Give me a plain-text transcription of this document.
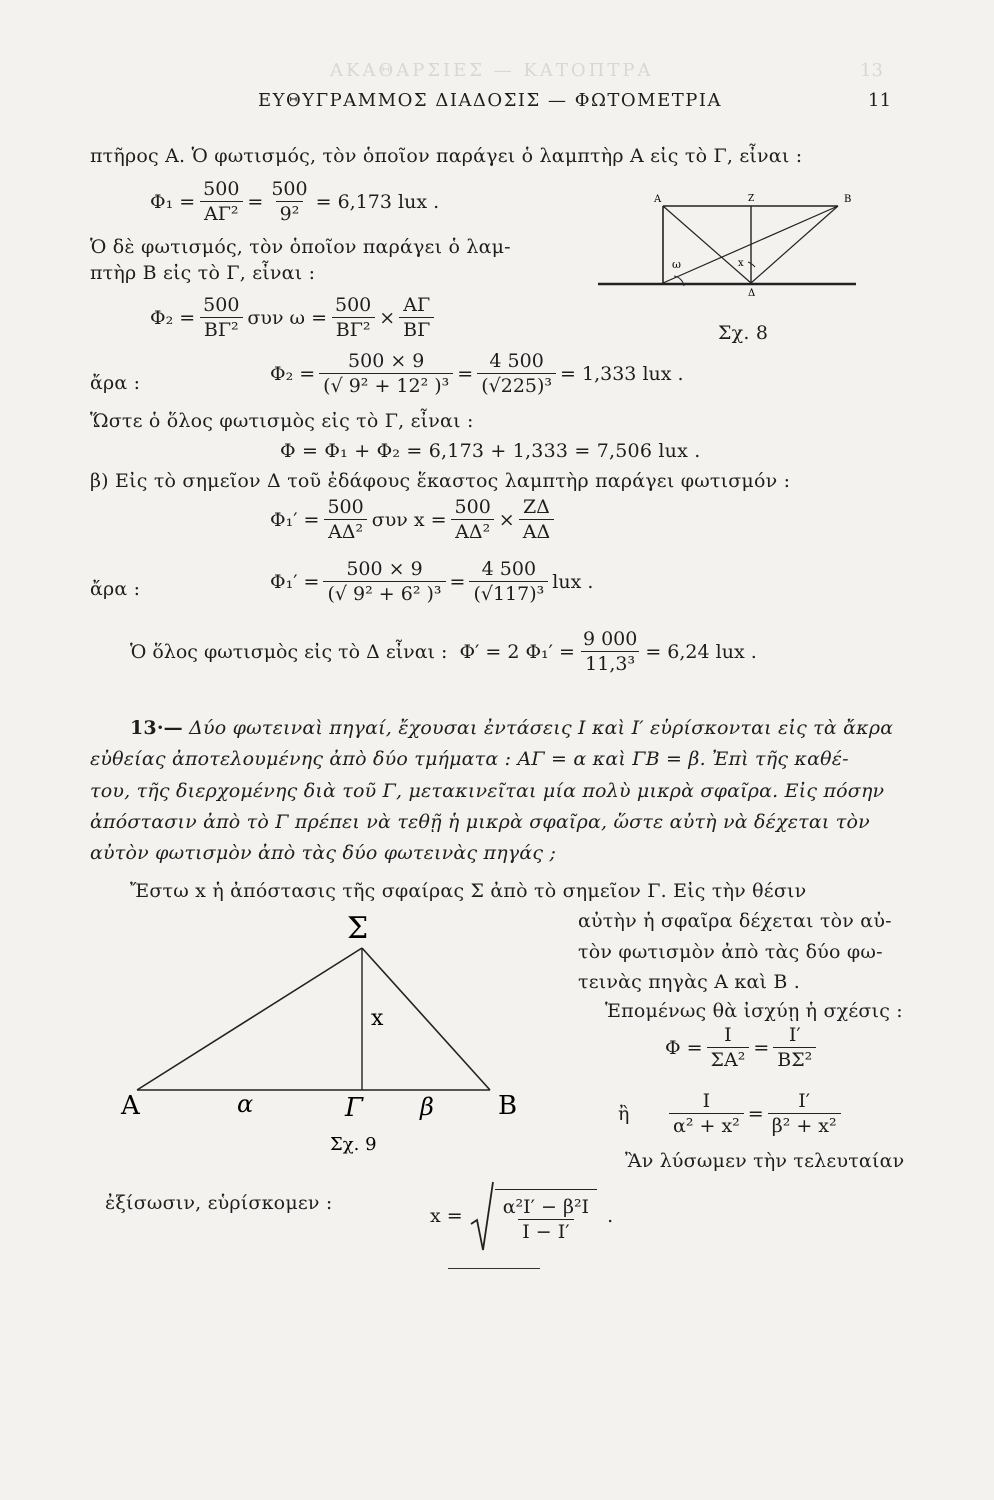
ΑΚΑΘΑΡΣΙΕΣ — ΚΑΤΟΠΤΡΑ	13
ΕΥΘΥΓΡΑΜΜΟΣ ΔΙΑΔΟΣΙΣ — ΦΩΤΟΜΕΤΡΙΑ	11
πτῆρος Α. Ὁ φωτισμός, τὸν ὁποῖον παράγει ὁ λαμπτὴρ Α εἰς τὸ Γ, εἶναι :
$\Phi_1 = \frac{500}{\text{ΑΓ²}} = \frac{500}{\text{9²}} = 6,173$ lux .
Ὁ δὲ φωτισμός, τὸν ὁποῖον παράγει ὁ λαμ-
πτὴρ Β εἰς τὸ Γ, εἶναι :
A	Z	B
Δ
ω	x
$\Phi_2 = \frac{500}{\text{ΒΓ²}}$ συν $\omega = \frac{500}{\text{ΒΓ²}} \times \frac{A\Gamma}{B\Gamma}$	Σχ. 8
ἄρα :	$\Phi_2 = \frac{500 \times 9}{\text{(√ 9² + 12² )³}} = \frac{4 500}{\text{(√225)³}} = 1,333$ lux .
Ὥστε ὁ ὅλος φωτισμὸς εἰς τὸ Γ, εἶναι :
Φ = Φ₁ + Φ₂ = 6,173 + 1,333 = 7,506 lux .
β) Εἰς τὸ σημεῖον Δ τοῦ ἐδάφους ἕκαστος λαμπτὴρ παράγει φωτισμόν :
$\Phi_1' = \frac{500}{\text{ΑΔ²}}$ συν $x = \frac{500}{\text{ΑΔ²}} \times \frac{Z\Delta}{A\Delta}$
ἄρα :	$\Phi_1' = \frac{500 \times 9}{\text{(√ 9² + 6² )³}} = \frac{4 500}{\text{(√117)³}}$ lux .
Ὁ ὅλος φωτισμὸς εἰς τὸ Δ εἶναι : Φ′ = 2 $\Phi_1' = \frac{9 000}{\text{11,3³}} = 6,24$ lux .
13·— Δύο φωτειναὶ πηγαί, ἔχουσαι ἐντάσεις Ι καὶ Ι′ εὑρίσκονται εἰς τὰ ἄκρα
εὐθείας ἀποτελουμένης ἀπὸ δύο τμήματα : ΑΓ = α καὶ ΓΒ = β. Ἐπὶ τῆς καθέ-
του, τῆς διερχομένης διὰ τοῦ Γ, μετακινεῖται μία πολὺ μικρὰ σφαῖρα. Εἰς πόσην
ἀπόστασιν ἀπὸ τὸ Γ πρέπει νὰ τεθῇ ἡ μικρὰ σφαῖρα, ὥστε αὐτὴ νὰ δέχεται τὸν
αὐτὸν φωτισμὸν ἀπὸ τὰς δύο φωτεινὰς πηγάς ;
Ἔστω x ἡ ἀπόστασις τῆς σφαίρας Σ ἀπὸ τὸ σημεῖον Γ. Εἰς τὴν θέσιν
αὐτὴν ἡ σφαῖρα δέχεται τὸν αὐ-
τὸν φωτισμὸν ἀπὸ τὰς δύο φω-
τεινὰς πηγὰς Α καὶ Β .
Ἑπομένως θὰ ἰσχύῃ ἡ σχέσις :
$\Phi = \frac{I}{\text{ΣΑ²}} = \frac{I'}{\text{ΒΣ²}}$
ἢ $\frac{I}{\text{α² + x²}} = \frac{I'}{\text{β² + x²}}$
Ἂν λύσωμεν τὴν τελευταίαν
Σ
A	B
Γ
α	β
x
Σχ. 9
ἐξίσωσιν, εὑρίσκομεν :
$x = \frac{\text{α²Ι′ − β²Ι}}{I - I'}$ .
